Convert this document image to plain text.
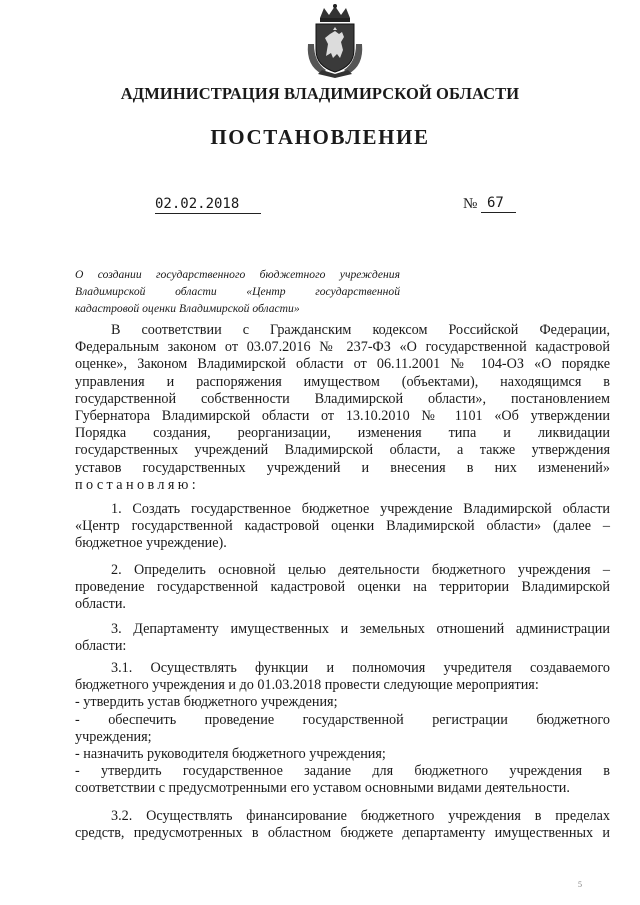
АДМИНИСТРАЦИЯ ВЛАДИМИРСКОЙ ОБЛАСТИ
ПОСТАНОВЛЕНИЕ
02.02.2018	№ 67
О создании государственного бюджетного учреждения
Владимирской области «Центр государственной
кадастровой оценки Владимирской области»
В соответствии с Гражданским кодексом Российской Федерации,
Федеральным законом от 03.07.2016 № 237-ФЗ «О государственной кадастровой
оценке», Законом Владимирской области от 06.11.2001 № 104-ОЗ «О порядке
управления и распоряжения имуществом (объектами), находящимся в
государственной собственности Владимирской области», постановлением
Губернатора Владимирской области от 13.10.2010 № 1101 «Об утверждении
Порядка создания, реорганизации, изменения типа и ликвидации
государственных учреждений Владимирской области, а также утверждения
уставов государственных учреждений и внесения в них изменений»
постановляю:
1. Создать государственное бюджетное учреждение Владимирской области
«Центр государственной кадастровой оценки Владимирской области» (далее –
бюджетное учреждение).
2. Определить основной целью деятельности бюджетного учреждения –
проведение государственной кадастровой оценки на территории Владимирской
области.
3. Департаменту имущественных и земельных отношений администрации
области:
3.1. Осуществлять функции и полномочия учредителя создаваемого
бюджетного учреждения и до 01.03.2018 провести следующие мероприятия:
- утвердить устав бюджетного учреждения;
- обеспечить проведение государственной регистрации бюджетного
учреждения;
- назначить руководителя бюджетного учреждения;
- утвердить государственное задание для бюджетного учреждения в
соответствии с предусмотренными его уставом основными видами деятельности.
3.2. Осуществлять финансирование бюджетного учреждения в пределах
средств, предусмотренных в областном бюджете департаменту имущественных и
5
